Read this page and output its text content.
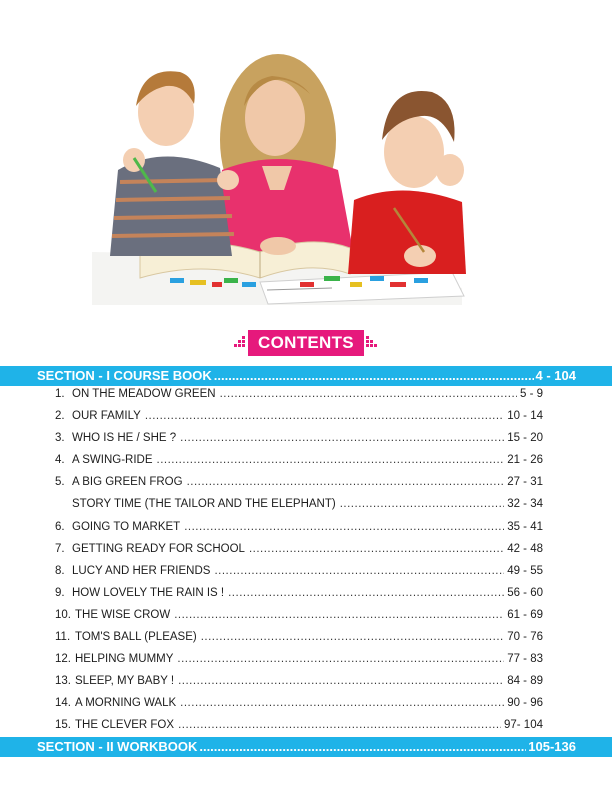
CONTENTS
SECTION - I COURSE BOOK .....	4 - 104
1. ON THE MEADOW GREEN .....	5 - 9
2. OUR FAMILY .....	10 - 14
3. WHO IS HE / SHE ? .....	15 - 20
4. A SWING-RIDE .....	21 - 26
5. A BIG GREEN FROG .....	27 - 31
STORY TIME (THE TAILOR AND THE ELEPHANT) .....	32 - 34
6. GOING TO MARKET .....	35 - 41
7. GETTING READY FOR SCHOOL .....	42 - 48
8. LUCY AND HER FRIENDS .....	49 - 55
9. HOW LOVELY THE RAIN IS ! .....	56 - 60
10. THE WISE CROW .....	61 - 69
11. TOM'S BALL (PLEASE) .....	70 - 76
12. HELPING MUMMY .....	77 - 83
13. SLEEP, MY BABY ! .....	84 - 89
14. A MORNING WALK .....	90 - 96
15. THE CLEVER FOX .....	97- 104
SECTION - II WORKBOOK .....	105-136
